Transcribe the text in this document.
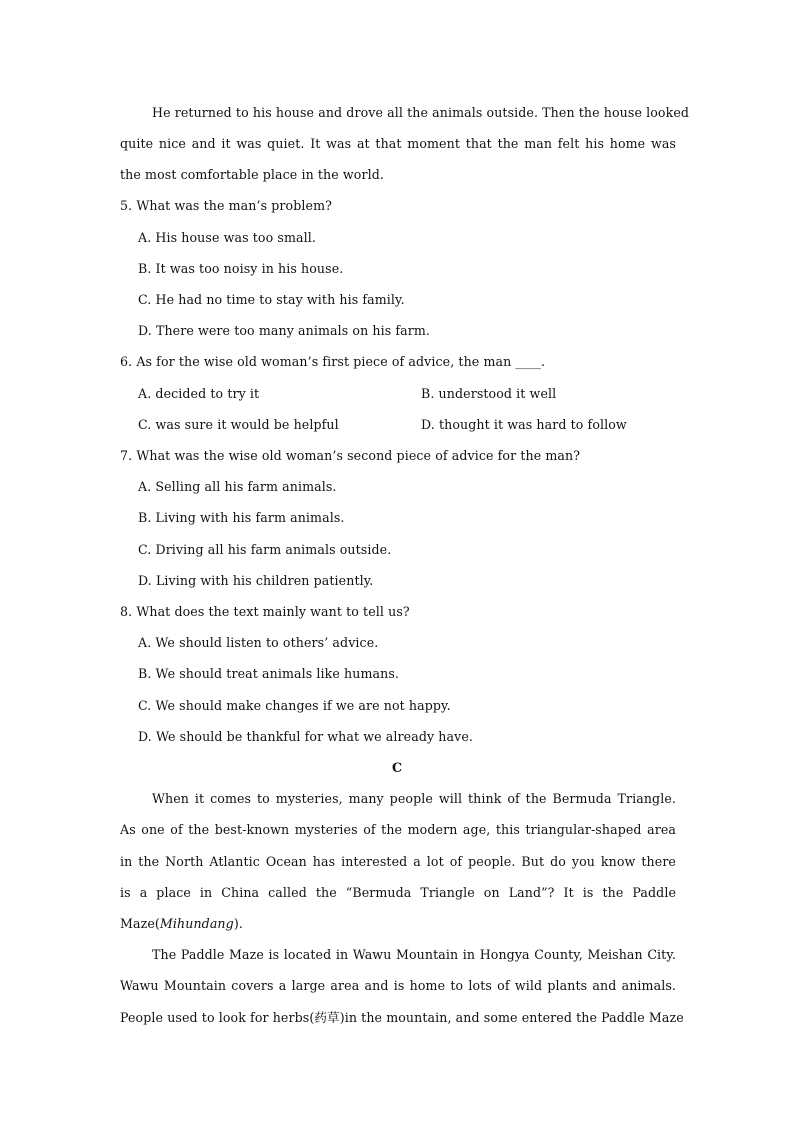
He returned to his house and drove all the animals outside. Then the house looked
quite nice and it was quiet. It was at that moment that the man felt his home was
the most comfortable place in the world.
5. What was the man’s problem?
A. His house was too small.
B. It was too noisy in his house.
C. He had no time to stay with his family.
D. There were too many animals on his farm.
6. As for the wise old woman’s first piece of advice, the man ____.
A. decided to try it	B. understood it well
C. was sure it would be helpful	D. thought it was hard to follow
7. What was the wise old woman’s second piece of advice for the man?
A. Selling all his farm animals.
B. Living with his farm animals.
C. Driving all his farm animals outside.
D. Living with his children patiently.
8. What does the text mainly want to tell us?
A. We should listen to others’ advice.
B. We should treat animals like humans.
C. We should make changes if we are not happy.
D. We should be thankful for what we already have.
C
When it comes to mysteries, many people will think of the Bermuda Triangle.
As one of the best-known mysteries of the modern age, this triangular-shaped area
in the North Atlantic Ocean has interested a lot of people. But do you know there
is a place in China called the “Bermuda Triangle on Land”? It is the Paddle
Maze(Mihundang).
The Paddle Maze is located in Wawu Mountain in Hongya County, Meishan City.
Wawu Mountain covers a large area and is home to lots of wild plants and animals.
People used to look for herbs(药草)in the mountain, and some entered the Paddle Maze
